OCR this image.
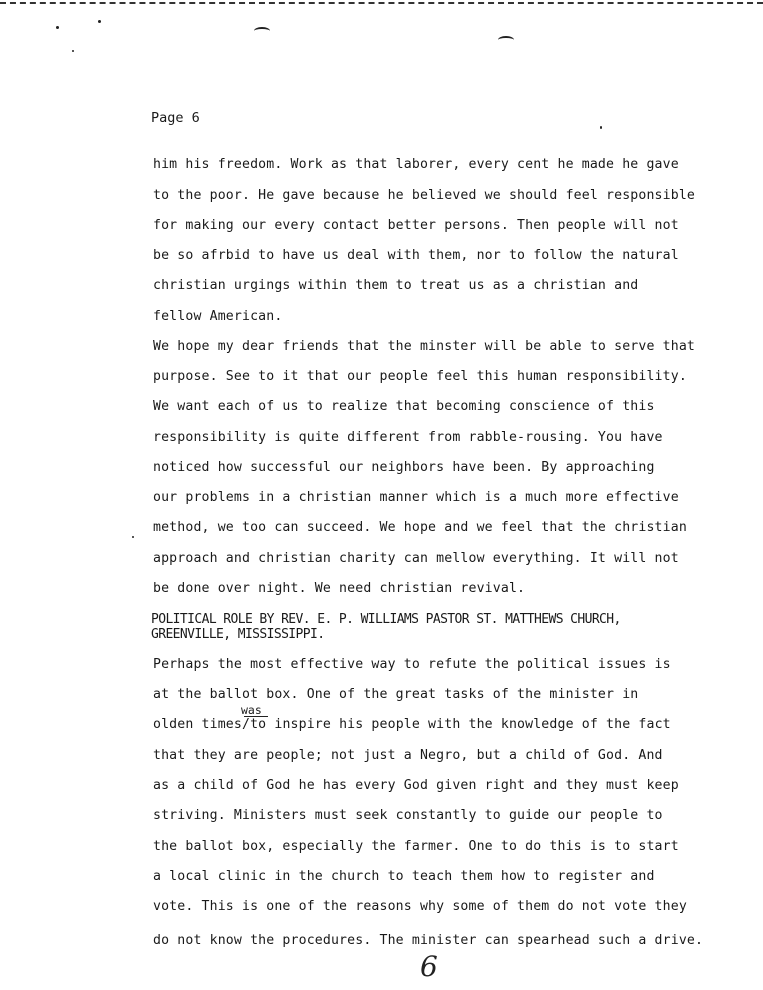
Page 6
him his freedom. Work as that laborer, every cent he made he gave
to the poor. He gave because he believed we should feel responsible
for making our every contact better persons. Then people will not
be so afrbid to have us deal with them, nor to follow the natural
christian urgings within them to treat us as a christian and
fellow American.
We hope my dear friends that the minster will be able to serve that
purpose. See to it that our people feel this human responsibility.
We want each of us to realize that becoming conscience of this
responsibility is quite different from rabble-rousing. You have
noticed how successful our neighbors have been. By approaching
our problems in a christian manner which is a much more effective
method, we too can succeed. We hope and we feel that the christian
approach and christian charity can mellow everything. It will not
be done over night. We need christian revival.
POLITICAL ROLE BY REV. E. P. WILLIAMS PASTOR ST. MATTHEWS CHURCH,
GREENVILLE, MISSISSIPPI.
Perhaps the most effective way to refute the political issues is
at the ballot box. One of the great tasks of the minister in
was
olden times/to inspire his people with the knowledge of the fact
that they are people; not just a Negro, but a child of God. And
as a child of God he has every God given right and they must keep
striving. Ministers must seek constantly to guide our people to
the ballot box, especially the farmer. One to do this is to start
a local clinic in the church to teach them how to register and
vote. This is one of the reasons why some of them do not vote they
do not know the procedures. The minister can spearhead such a drive.
6
